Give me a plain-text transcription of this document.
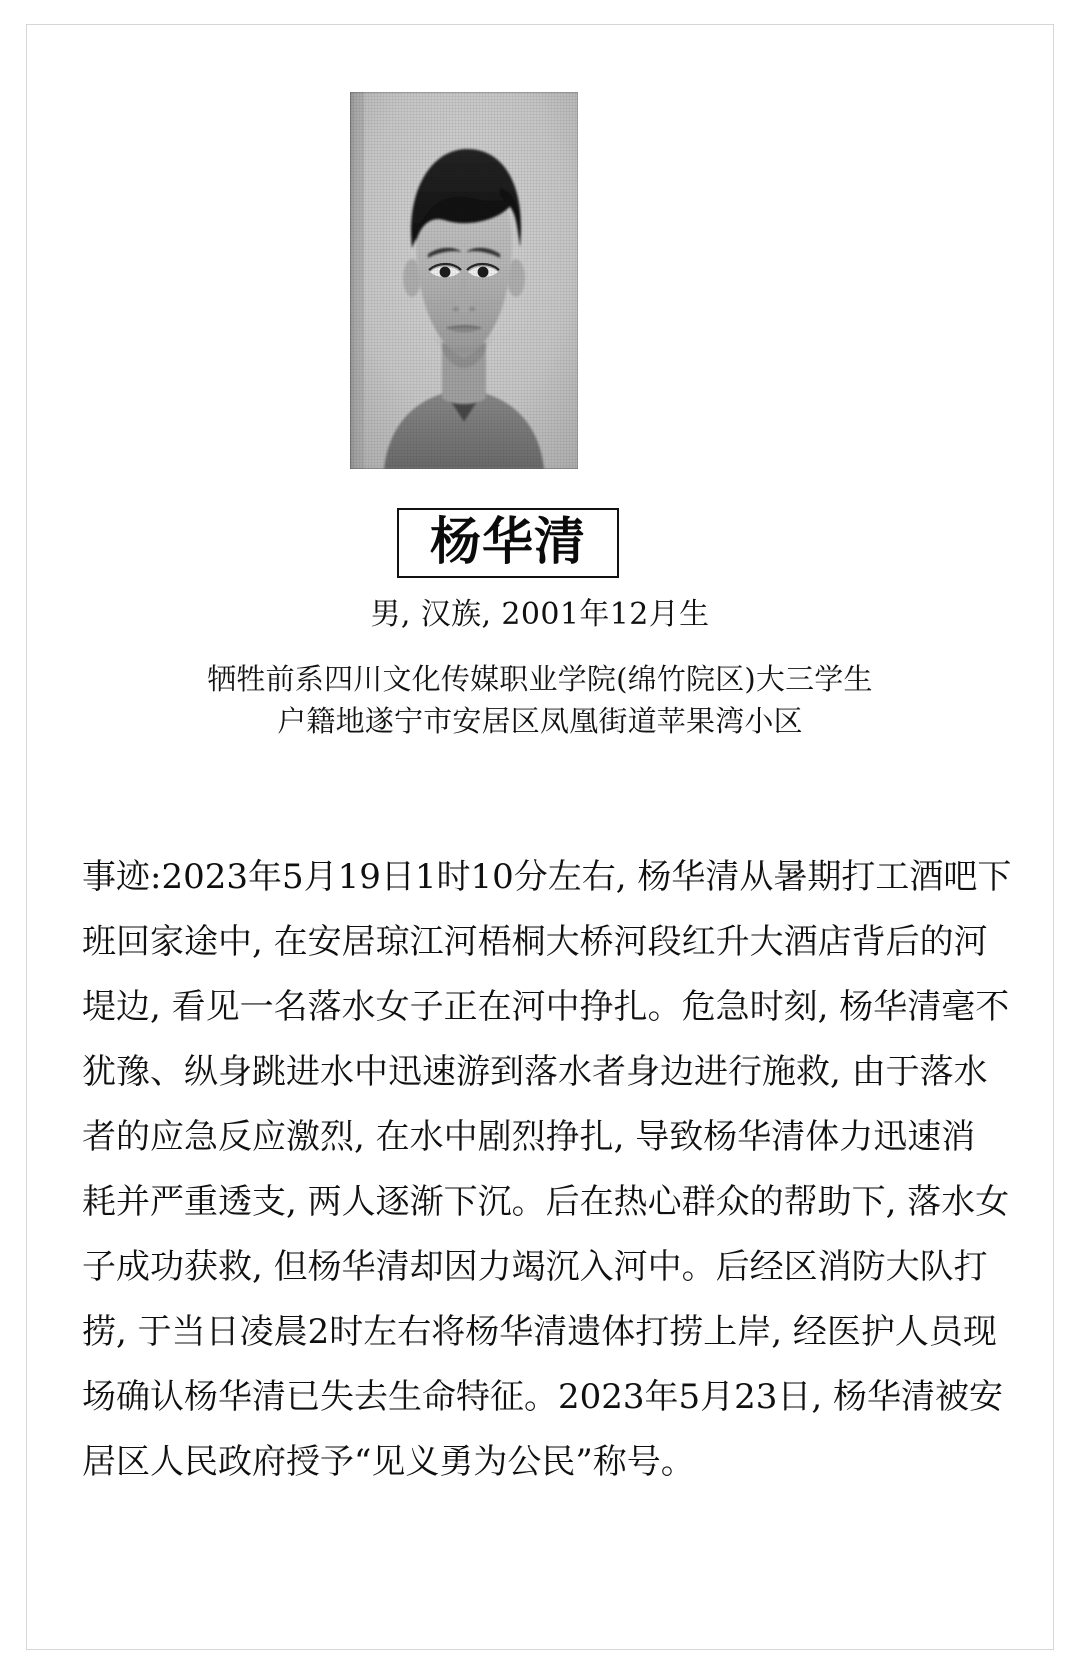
杨华清
男, 汉族, 2001年12月生
牺牲前系四川文化传媒职业学院(绵竹院区)大三学生
户籍地遂宁市安居区凤凰街道苹果湾小区
事迹:2023年5月19日1时10分左右, 杨华清从暑期打工酒吧下
班回家途中, 在安居琼江河梧桐大桥河段红升大酒店背后的河
堤边, 看见一名落水女子正在河中挣扎。危急时刻, 杨华清毫不
犹豫、纵身跳进水中迅速游到落水者身边进行施救, 由于落水
者的应急反应激烈, 在水中剧烈挣扎, 导致杨华清体力迅速消
耗并严重透支, 两人逐渐下沉。后在热心群众的帮助下, 落水女
子成功获救, 但杨华清却因力竭沉入河中。后经区消防大队打
捞, 于当日凌晨2时左右将杨华清遗体打捞上岸, 经医护人员现
场确认杨华清已失去生命特征。2023年5月23日, 杨华清被安
居区人民政府授予“见义勇为公民”称号。
